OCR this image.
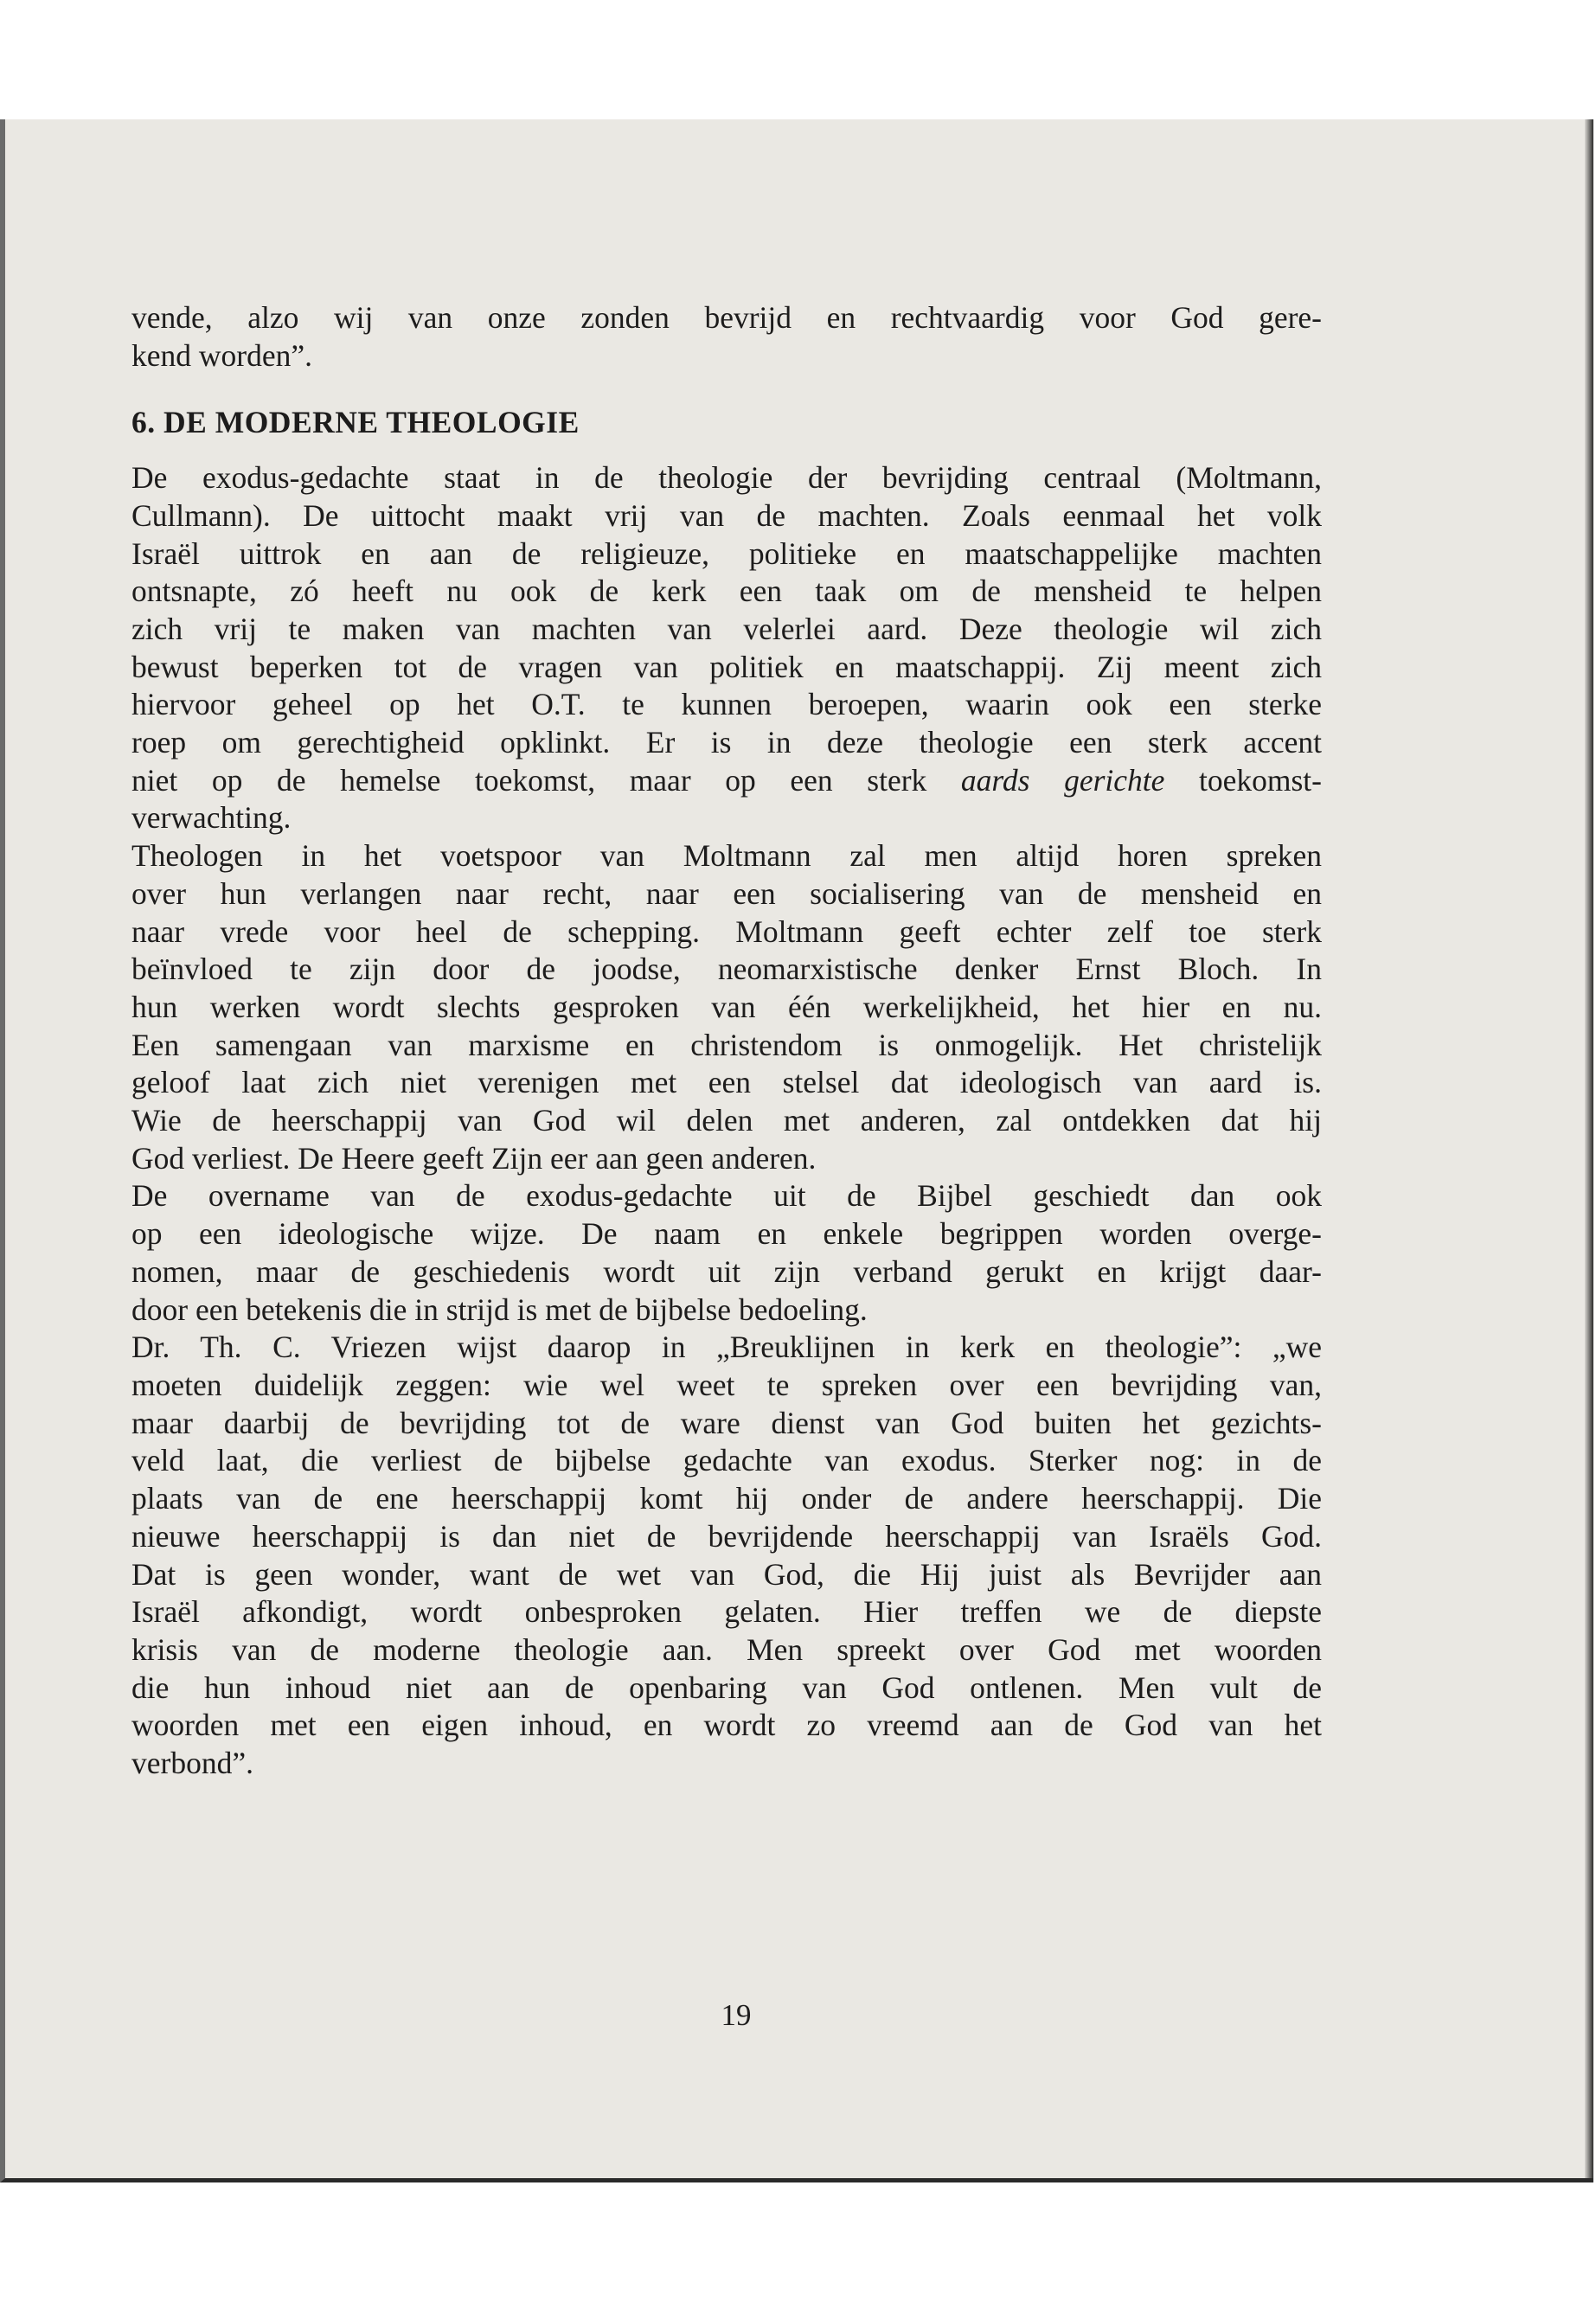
vende, alzo wij van onze zonden bevrijd en rechtvaardig voor God gere-
kend worden”.

6. DE MODERNE THEOLOGIE

De exodus-gedachte staat in de theologie der bevrijding centraal (Moltmann,
Cullmann). De uittocht maakt vrij van de machten. Zoals eenmaal het volk
Israël uittrok en aan de religieuze, politieke en maatschappelijke machten
ontsnapte, zó heeft nu ook de kerk een taak om de mensheid te helpen
zich vrij te maken van machten van velerlei aard. Deze theologie wil zich
bewust beperken tot de vragen van politiek en maatschappij. Zij meent zich
hiervoor geheel op het O.T. te kunnen beroepen, waarin ook een sterke
roep om gerechtigheid opklinkt. Er is in deze theologie een sterk accent
niet op de hemelse toekomst, maar op een sterk aards gerichte toekomst-
verwachting.

Theologen in het voetspoor van Moltmann zal men altijd horen spreken
over hun verlangen naar recht, naar een socialisering van de mensheid en
naar vrede voor heel de schepping. Moltmann geeft echter zelf toe sterk
beïnvloed te zijn door de joodse, neomarxistische denker Ernst Bloch. In
hun werken wordt slechts gesproken van één werkelijkheid, het hier en nu.
Een samengaan van marxisme en christendom is onmogelijk. Het christelijk
geloof laat zich niet verenigen met een stelsel dat ideologisch van aard is.
Wie de heerschappij van God wil delen met anderen, zal ontdekken dat hij
God verliest. De Heere geeft Zijn eer aan geen anderen.

De overname van de exodus-gedachte uit de Bijbel geschiedt dan ook
op een ideologische wijze. De naam en enkele begrippen worden overge-
nomen, maar de geschiedenis wordt uit zijn verband gerukt en krijgt daar-
door een betekenis die in strijd is met de bijbelse bedoeling.

Dr. Th. C. Vriezen wijst daarop in „Breuklijnen in kerk en theologie”: „we
moeten duidelijk zeggen: wie wel weet te spreken over een bevrijding van,
maar daarbij de bevrijding tot de ware dienst van God buiten het gezichts-
veld laat, die verliest de bijbelse gedachte van exodus. Sterker nog: in de
plaats van de ene heerschappij komt hij onder de andere heerschappij. Die
nieuwe heerschappij is dan niet de bevrijdende heerschappij van Israëls God.
Dat is geen wonder, want de wet van God, die Hij juist als Bevrijder aan
Israël afkondigt, wordt onbesproken gelaten. Hier treffen we de diepste
krisis van de moderne theologie aan. Men spreekt over God met woorden
die hun inhoud niet aan de openbaring van God ontlenen. Men vult de
woorden met een eigen inhoud, en wordt zo vreemd aan de God van het
verbond”.

19
